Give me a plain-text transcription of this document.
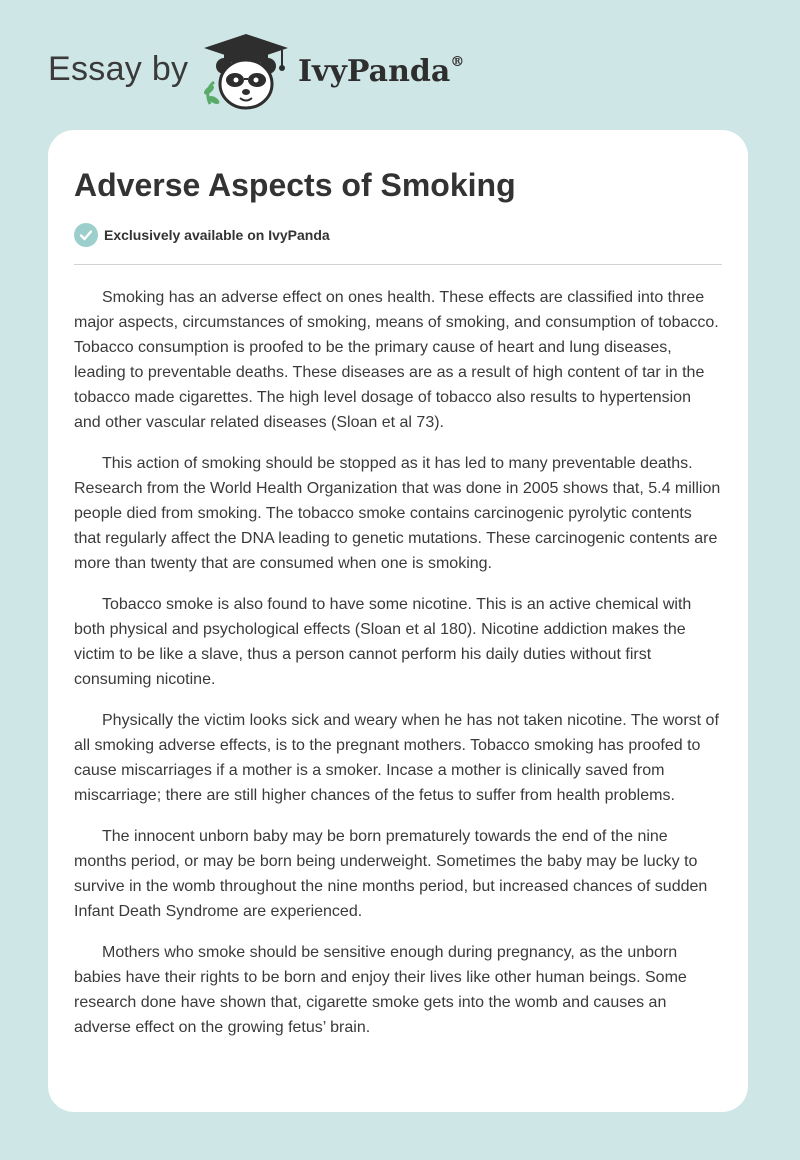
Essay by	IvyPanda®
Adverse Aspects of Smoking
Exclusively available on IvyPanda

Smoking has an adverse effect on ones health. These effects are classified into three major aspects, circumstances of smoking, means of smoking, and consumption of tobacco. Tobacco consumption is proofed to be the primary cause of heart and lung diseases, leading to preventable deaths. These diseases are as a result of high content of tar in the tobacco made cigarettes. The high level dosage of tobacco also results to hypertension and other vascular related diseases (Sloan et al 73).

This action of smoking should be stopped as it has led to many preventable deaths. Research from the World Health Organization that was done in 2005 shows that, 5.4 million people died from smoking. The tobacco smoke contains carcinogenic pyrolytic contents that regularly affect the DNA leading to genetic mutations. These carcinogenic contents are more than twenty that are consumed when one is smoking.

Tobacco smoke is also found to have some nicotine. This is an active chemical with both physical and psychological effects (Sloan et al 180). Nicotine addiction makes the victim to be like a slave, thus a person cannot perform his daily duties without first consuming nicotine.

Physically the victim looks sick and weary when he has not taken nicotine. The worst of all smoking adverse effects, is to the pregnant mothers. Tobacco smoking has proofed to cause miscarriages if a mother is a smoker. Incase a mother is clinically saved from miscarriage; there are still higher chances of the fetus to suffer from health problems.

The innocent unborn baby may be born prematurely towards the end of the nine months period, or may be born being underweight. Sometimes the baby may be lucky to survive in the womb throughout the nine months period, but increased chances of sudden Infant Death Syndrome are experienced.

Mothers who smoke should be sensitive enough during pregnancy, as the unborn babies have their rights to be born and enjoy their lives like other human beings. Some research done have shown that, cigarette smoke gets into the womb and causes an adverse effect on the growing fetus’ brain.
